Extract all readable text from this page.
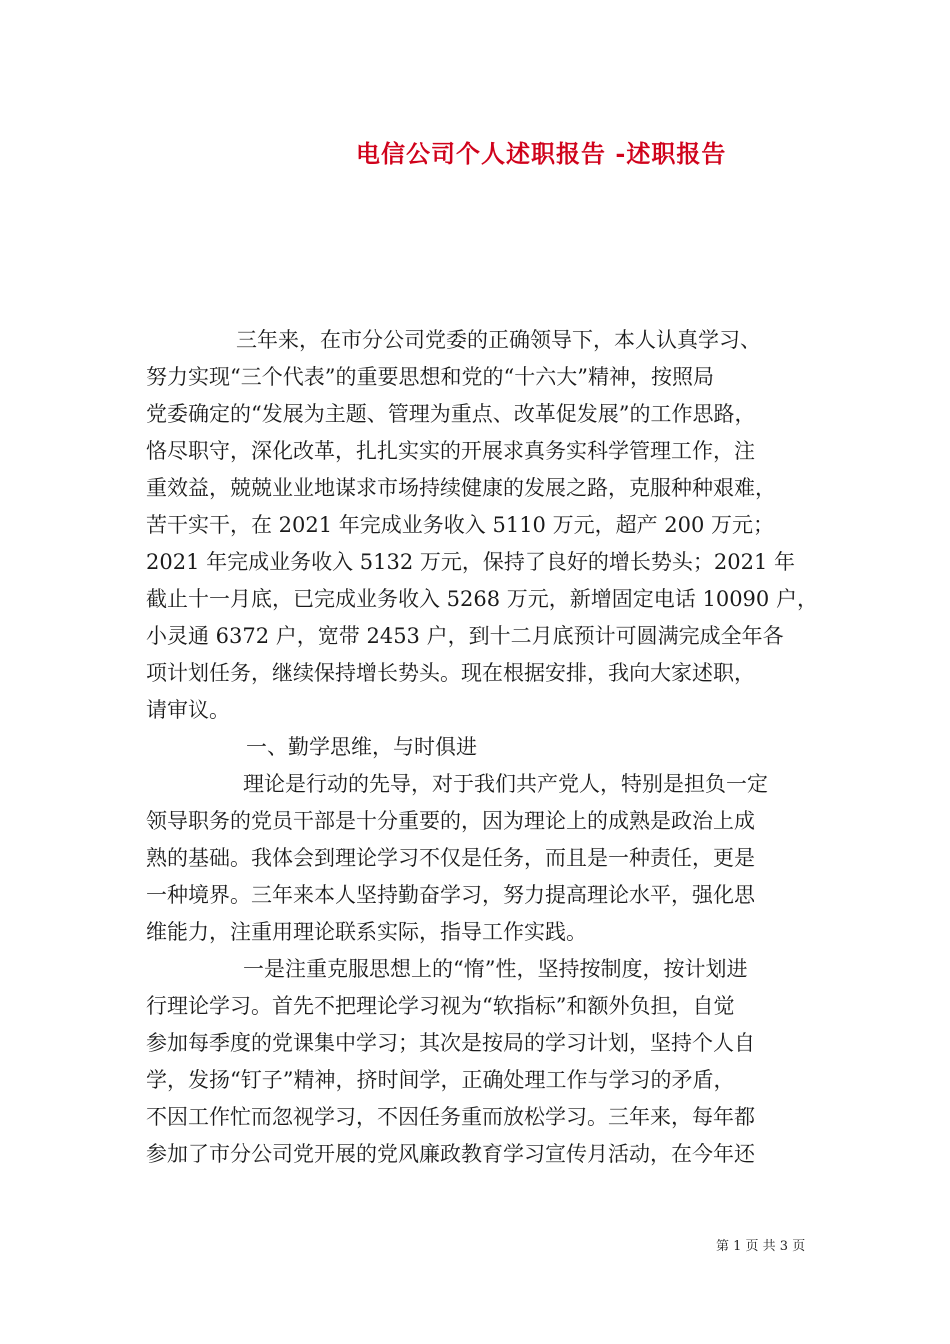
电信公司个人述职报告 -述职报告
三年来，在市分公司党委的正确领导下，本人认真学习、
努力实现“三个代表”的重要思想和党的“十六大”精神，按照局
党委确定的“发展为主题、管理为重点、改革促发展”的工作思路，
恪尽职守，深化改革，扎扎实实的开展求真务实科学管理工作，注
重效益，兢兢业业地谋求市场持续健康的发展之路，克服种种艰难，
苦干实干，在 2021 年完成业务收入 5110 万元，超产 200 万元；
2021 年完成业务收入 5132 万元，保持了良好的增长势头；2021 年
截止十一月底，已完成业务收入 5268 万元，新增固定电话 10090 户，
小灵通 6372 户，宽带 2453 户，到十二月底预计可圆满完成全年各
项计划任务，继续保持增长势头。现在根据安排，我向大家述职，
请审议。
一、勤学思维，与时俱进
理论是行动的先导，对于我们共产党人，特别是担负一定
领导职务的党员干部是十分重要的，因为理论上的成熟是政治上成
熟的基础。我体会到理论学习不仅是任务，而且是一种责任，更是
一种境界。三年来本人坚持勤奋学习，努力提高理论水平，强化思
维能力，注重用理论联系实际，指导工作实践。
一是注重克服思想上的“惰”性，坚持按制度，按计划进
行理论学习。首先不把理论学习视为“软指标”和额外负担，自觉
参加每季度的党课集中学习；其次是按局的学习计划，坚持个人自
学，发扬“钉子”精神，挤时间学，正确处理工作与学习的矛盾，
不因工作忙而忽视学习，不因任务重而放松学习。三年来，每年都
参加了市分公司党开展的党风廉政教育学习宣传月活动，在今年还
第 1 页 共 3 页
